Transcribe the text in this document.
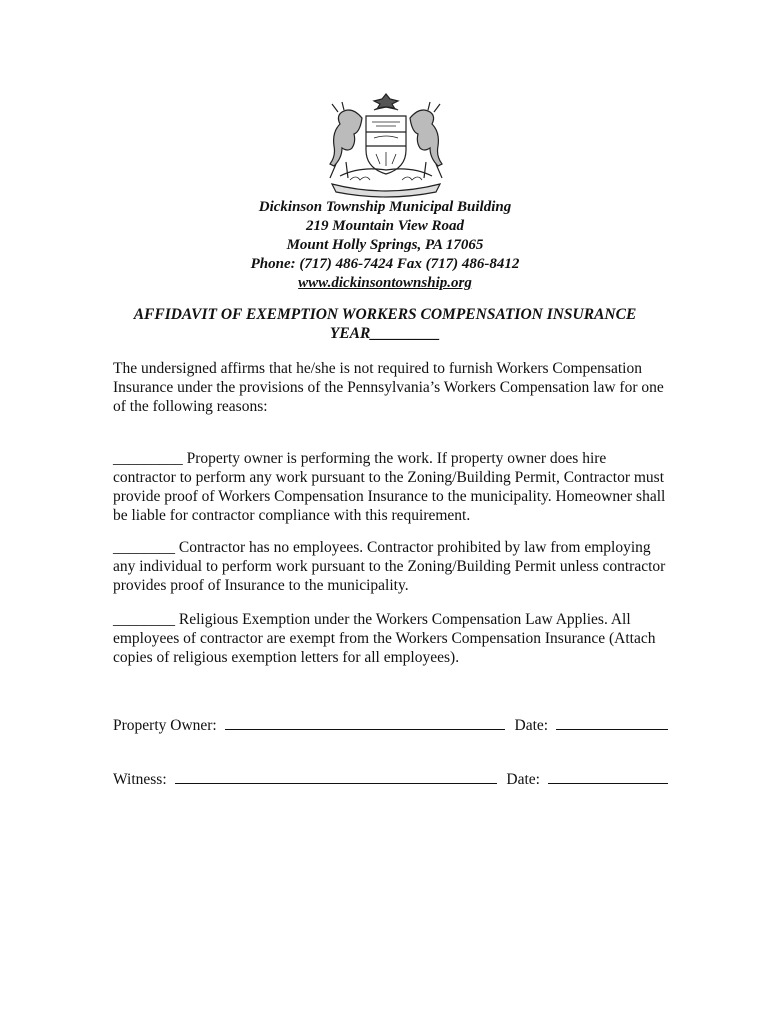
Dickinson Township Municipal Building
219 Mountain View Road
Mount Holly Springs, PA 17065
Phone: (717) 486-7424 Fax (717) 486-8412
www.dickinsontownship.org
AFFIDAVIT OF EXEMPTION WORKERS COMPENSATION INSURANCE
YEAR_________
The undersigned affirms that he/she is not required to furnish Workers Compensation
Insurance under the provisions of the Pennsylvania’s Workers Compensation law for one
of the following reasons:
_________ Property owner is performing the work. If property owner does hire
contractor to perform any work pursuant to the Zoning/Building Permit, Contractor must
provide proof of Workers Compensation Insurance to the municipality. Homeowner shall
be liable for contractor compliance with this requirement.
________ Contractor has no employees. Contractor prohibited by law from employing
any individual to perform work pursuant to the Zoning/Building Permit unless contractor
provides proof of Insurance to the municipality.
________ Religious Exemption under the Workers Compensation Law Applies. All
employees of contractor are exempt from the Workers Compensation Insurance (Attach
copies of religious exemption letters for all employees).
Property Owner:	Date:
Witness:	Date:
